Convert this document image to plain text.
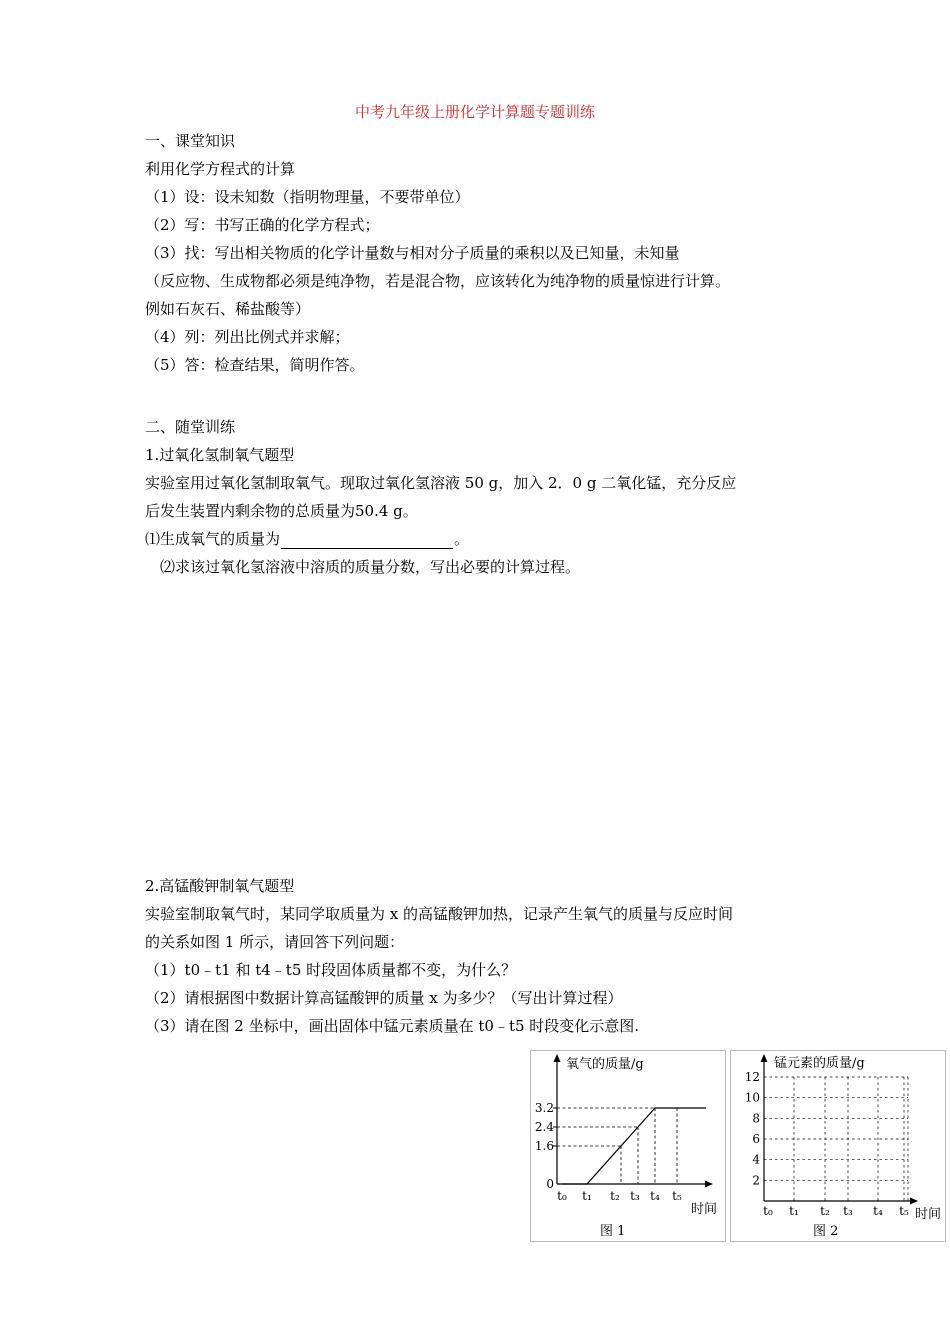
中考九年级上册化学计算题专题训练
一、课堂知识
利用化学方程式的计算
（1）设：设未知数（指明物理量，不要带单位）
（2）写：书写正确的化学方程式；
（3）找：写出相关物质的化学计量数与相对分子质量的乘积以及已知量，未知量
（反应物、生成物都必须是纯净物，若是混合物，应该转化为纯净物的质量惊进行计算。
例如石灰石、稀盐酸等）
（4）列：列出比例式并求解；
（5）答：检查结果，简明作答。
二、随堂训练
1.过氧化氢制氧气题型
实验室用过氧化氢制取氧气。现取过氧化氢溶液 50 g，加入 2．0 g 二氧化锰，充分反应
后发生装置内剩余物的总质量为50.4 g。
⑴生成氧气的质量为	。
⑵求该过氧化氢溶液中溶质的质量分数，写出必要的计算过程。
2.高锰酸钾制氧气题型
实验室制取氧气时，某同学取质量为 x 的高锰酸钾加热，记录产生氧气的质量与反应时间
的关系如图 1 所示，请回答下列问题：
（1）t0﹣t1 和 t4﹣t5 时段固体质量都不变，为什么？
（2）请根据图中数据计算高锰酸钾的质量 x 为多少？（写出计算过程）
（3）请在图 2 坐标中，画出固体中锰元素质量在 t0﹣t5 时段变化示意图.
氧气的质量/g
时间
图 1
0
1.6
2.4
3.2
t₀ t₁ t₂ t₃ t₄ t₅
锰元素的质量/g
时间
图 2
2
4
6
8
10
12
t₀ t₁ t₂ t₃ t₄ t₅
